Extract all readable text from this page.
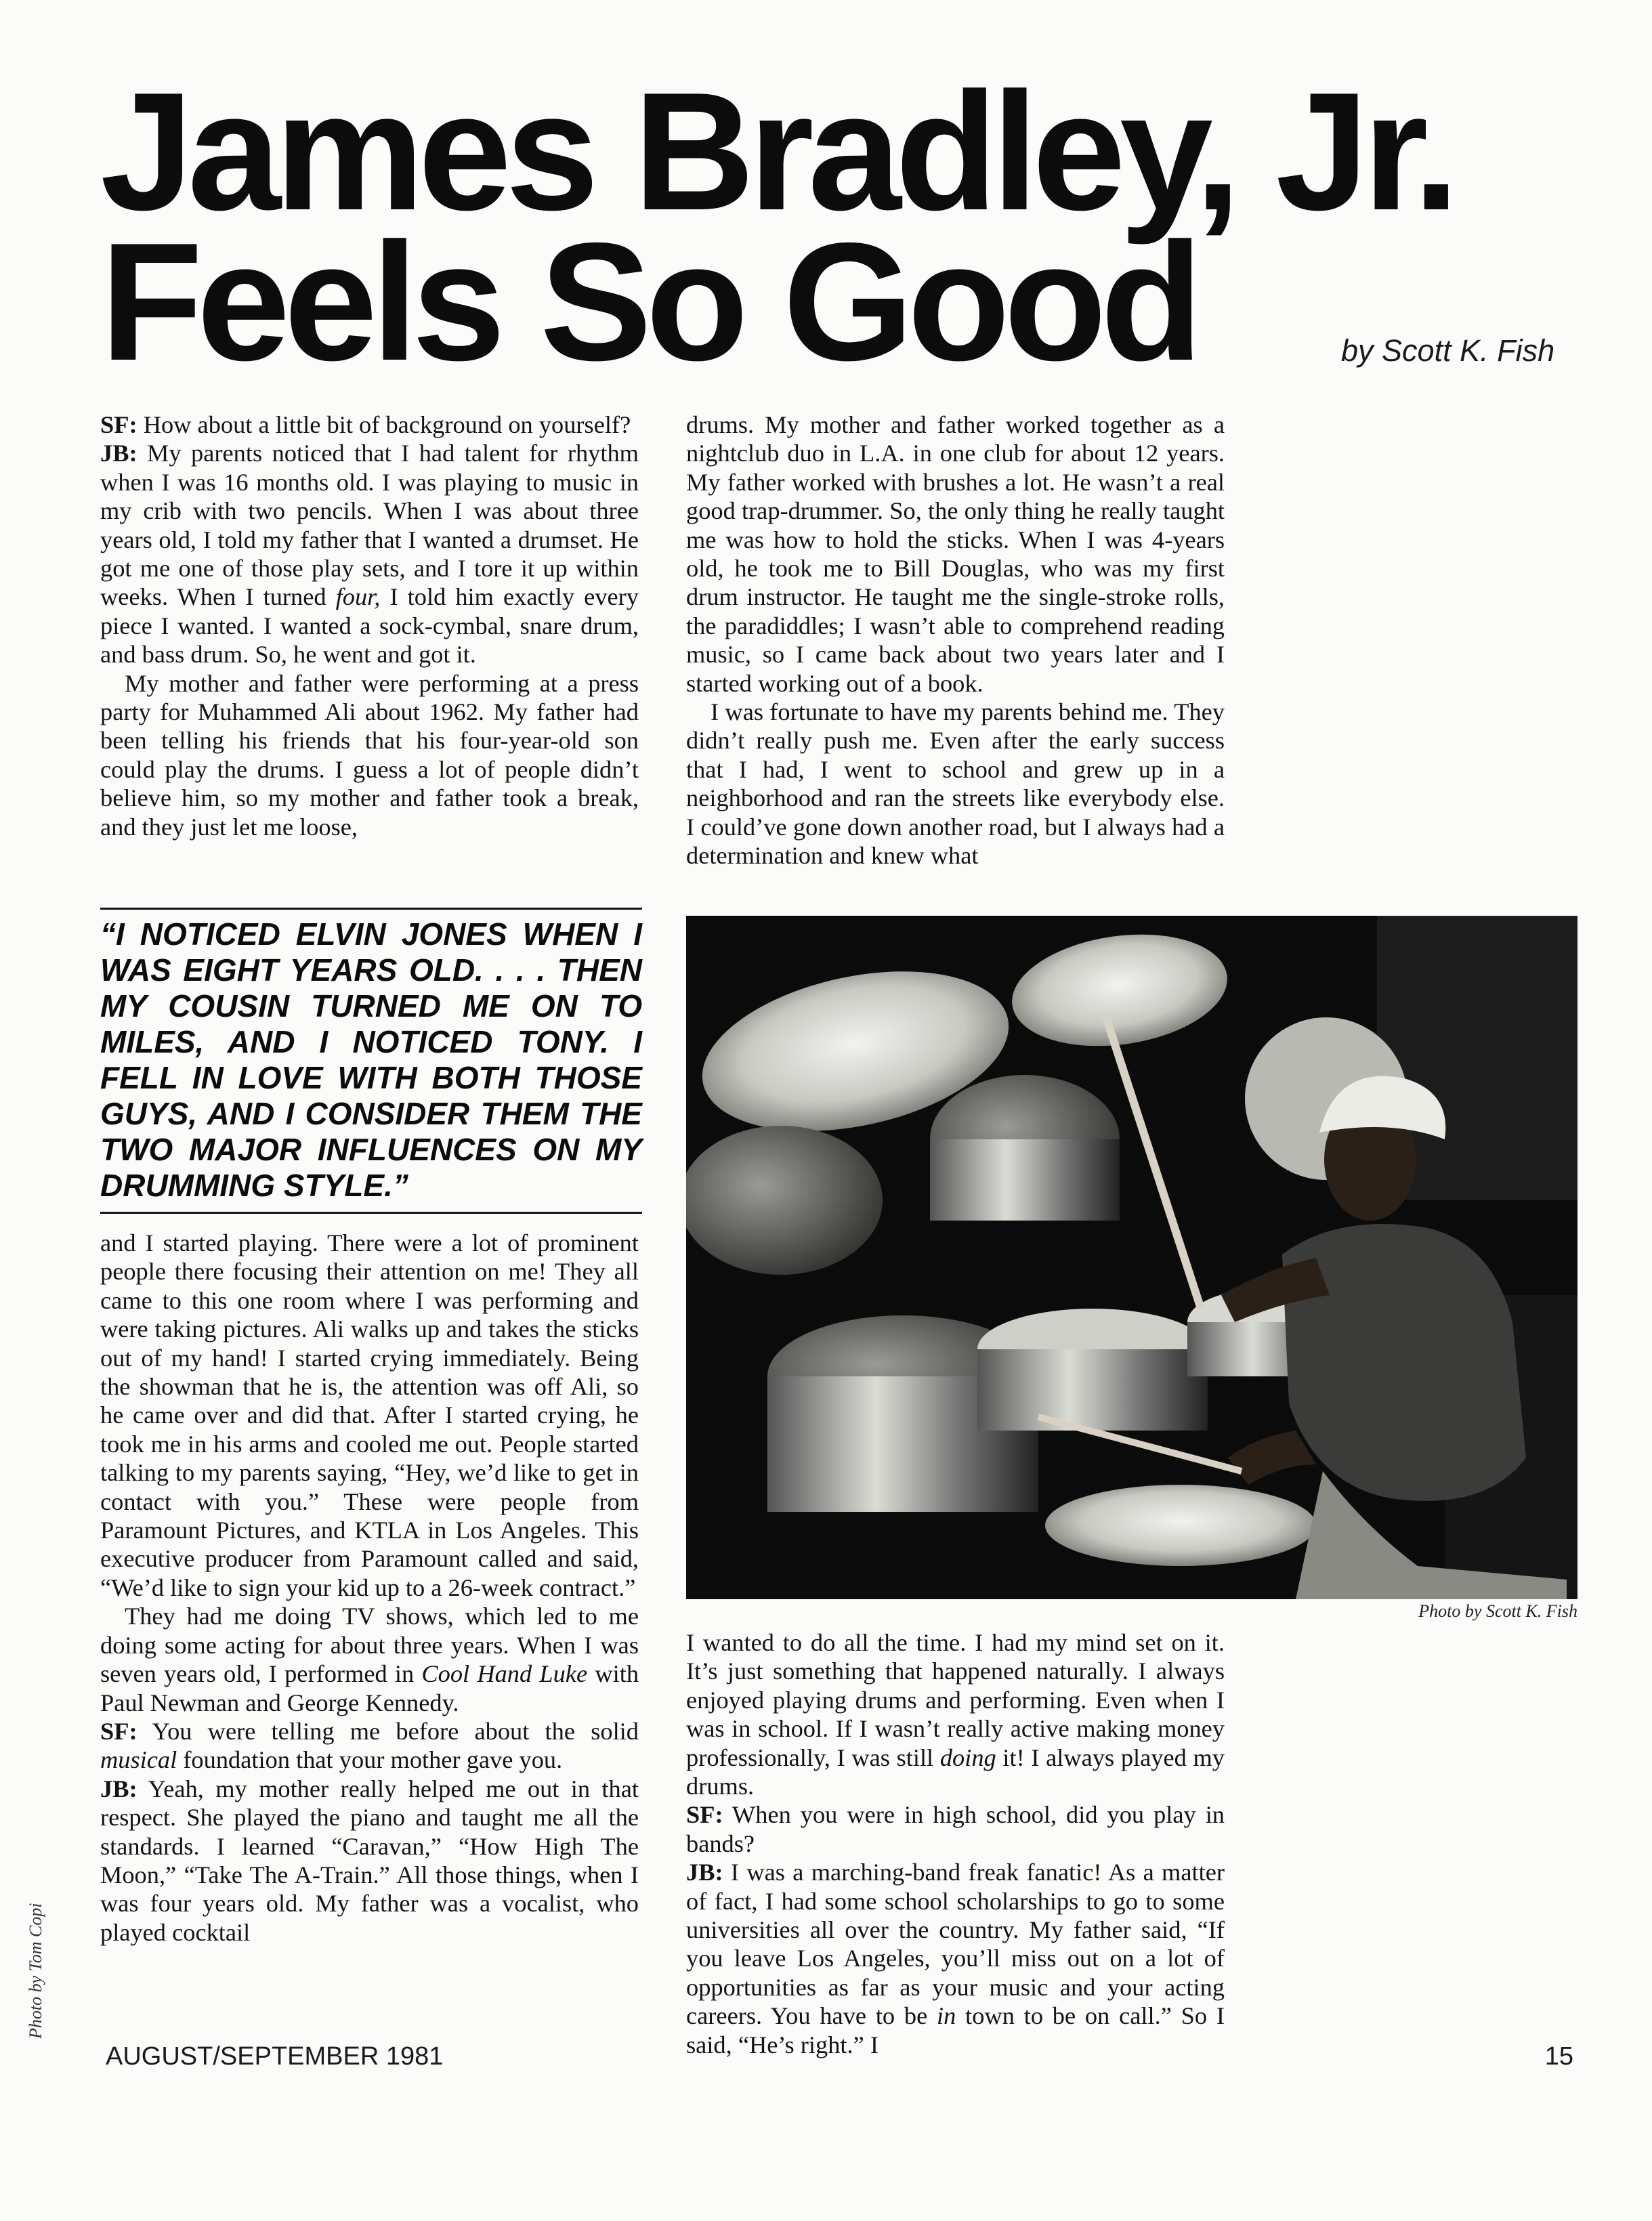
James Bradley, Jr.
Feels So Good	by Scott K. Fish

SF: How about a little bit of background on yourself?

JB: My parents noticed that I had talent for rhythm when I was 16 months old. I was playing to music in my crib with two pencils. When I was about three years old, I told my father that I wanted a drumset. He got me one of those play sets, and I tore it up within weeks. When I turned four, I told him exactly every piece I wanted. I wanted a sock-cymbal, snare drum, and bass drum. So, he went and got it.

My mother and father were performing at a press party for Muhammed Ali about 1962. My father had been telling his friends that his four-year-old son could play the drums. I guess a lot of people didn’t believe him, so my mother and father took a break, and they just let me loose,

“I NOTICED ELVIN JONES WHEN I WAS EIGHT YEARS OLD. . . . THEN MY COUSIN TURNED ME ON TO MILES, AND I NOTICED TONY. I FELL IN LOVE WITH BOTH THOSE GUYS, AND I CONSIDER THEM THE TWO MAJOR INFLUENCES ON MY DRUMMING STYLE.”

and I started playing. There were a lot of prominent people there focusing their attention on me! They all came to this one room where I was performing and were taking pictures. Ali walks up and takes the sticks out of my hand! I started crying immediately. Being the showman that he is, the attention was off Ali, so he came over and did that. After I started crying, he took me in his arms and cooled me out. People started talking to my parents saying, “Hey, we’d like to get in contact with you.” These were people from Paramount Pictures, and KTLA in Los Angeles. This executive producer from Paramount called and said, “We’d like to sign your kid up to a 26-week contract.”

They had me doing TV shows, which led to me doing some acting for about three years. When I was seven years old, I performed in Cool Hand Luke with Paul Newman and George Kennedy.

SF: You were telling me before about the solid musical foundation that your mother gave you.

JB: Yeah, my mother really helped me out in that respect. She played the piano and taught me all the standards. I learned “Caravan,” “How High The Moon,” “Take The A-Train.” All those things, when I was four years old. My father was a vocalist, who played cocktail

drums. My mother and father worked together as a nightclub duo in L.A. in one club for about 12 years. My father worked with brushes a lot. He wasn’t a real good trap-drummer. So, the only thing he really taught me was how to hold the sticks. When I was 4-years old, he took me to Bill Douglas, who was my first drum instructor. He taught me the single-stroke rolls, the paradiddles; I wasn’t able to comprehend reading music, so I came back about two years later and I started working out of a book.

I was fortunate to have my parents behind me. They didn’t really push me. Even after the early success that I had, I went to school and grew up in a neighborhood and ran the streets like everybody else. I could’ve gone down another road, but I always had a determination and knew what

Photo by Scott K. Fish

I wanted to do all the time. I had my mind set on it. It’s just something that happened naturally. I always enjoyed playing drums and performing. Even when I was in school. If I wasn’t really active making money professionally, I was still doing it! I always played my drums.

SF: When you were in high school, did you play in bands?

JB: I was a marching-band freak fanatic! As a matter of fact, I had some school scholarships to go to some universities all over the country. My father said, “If you leave Los Angeles, you’ll miss out on a lot of opportunities as far as your music and your acting careers. You have to be in town to be on call.” So I said, “He’s right.” I

Photo by Tom Copi
AUGUST/SEPTEMBER 1981	15
